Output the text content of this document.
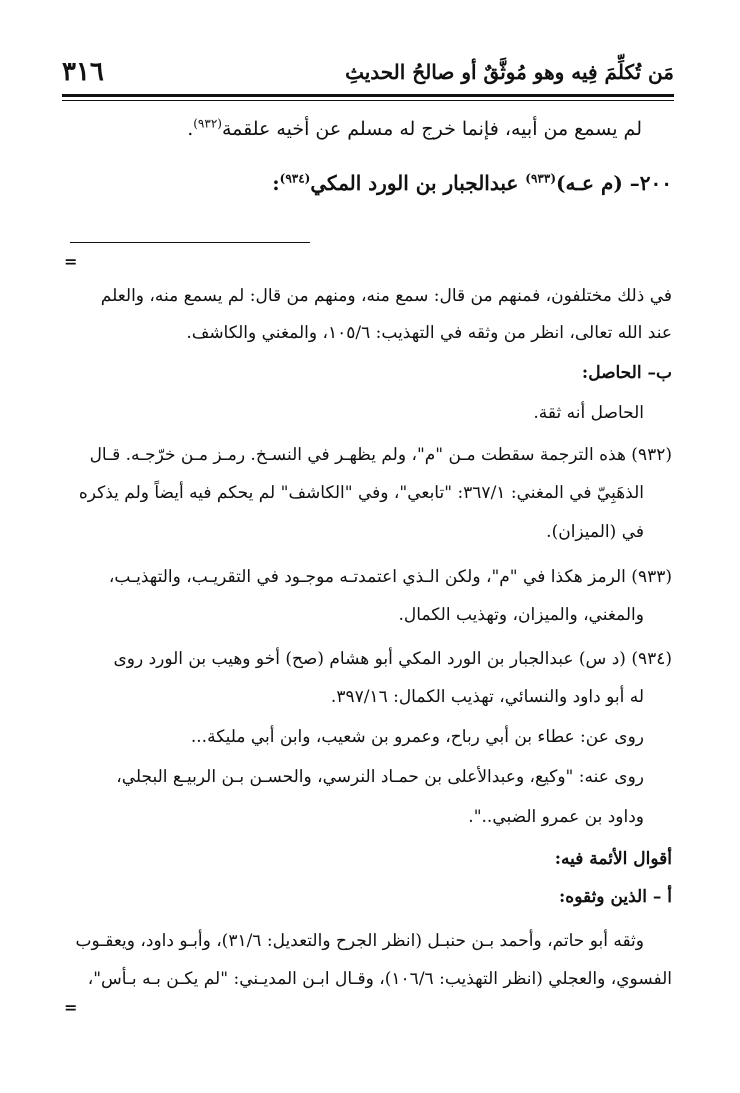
مَن تُكلِّمَ فِيه وهو مُوثَّقٌ أو صالحُ الحديثِ
٣١٦
لم يسمع من أبيه، فإنما خرج له مسلم عن أخيه علقمة$^{(٩٣٢)}$.
٢٠٠– (م عـه)$^{(٩٣٣)}$ عبدالجبار بن الورد المكي$^{(٩٣٤)}$:
=
في ذلك مختلفون، فمنهم من قال: سمع منه، ومنهم من قال: لم يسمع منه، والعلم
عند الله تعالى، انظر من وثقه في التهذيب: ١٠٥/٦، والمغني والكاشف.
ب– الحاصل:
الحاصل أنه ثقة.
(٩٣٢) هذه الترجمة سقطت مـن "م"، ولم يظهـر في النسـخ. رمـز مـن خرّجـه. قـال
الذهَبِيّ في المغني: ٣٦٧/١: "تابعي"، وفي "الكاشف" لم يحكم فيه أيضاً ولم يذكره
في (الميزان).
(٩٣٣) الرمز هكذا في "م"، ولكن الـذي اعتمدتـه موجـود في التقريـب، والتهذيـب،
والمغني، والميزان، وتهذيب الكمال.
(٩٣٤) (د س) عبدالجبار بن الورد المكي أبو هشام (صح) أخو وهيب بن الورد روى
له أبو داود والنسائي، تهذيب الكمال: ٣٩٧/١٦.
روى عن: عطاء بن أبي رباح، وعمرو بن شعيب، وابن أبي مليكة...
روى عنه: "وكيع، وعبدالأعلى بن حمـاد النرسي، والحسـن بـن الربيـع البجلي،
وداود بن عمرو الضبي..".
أقوال الأئمة فيه:
أ – الذين وثقوه:
وثقه أبو حاتم، وأحمد بـن حنبـل (انظر الجرح والتعديل: ٣١/٦)، وأبـو داود، ويعقـوب
الفسوي، والعجلي (انظر التهذيب: ١٠٦/٦)، وقـال ابـن المديـني: "لم يكـن بـه بـأس"،
=
